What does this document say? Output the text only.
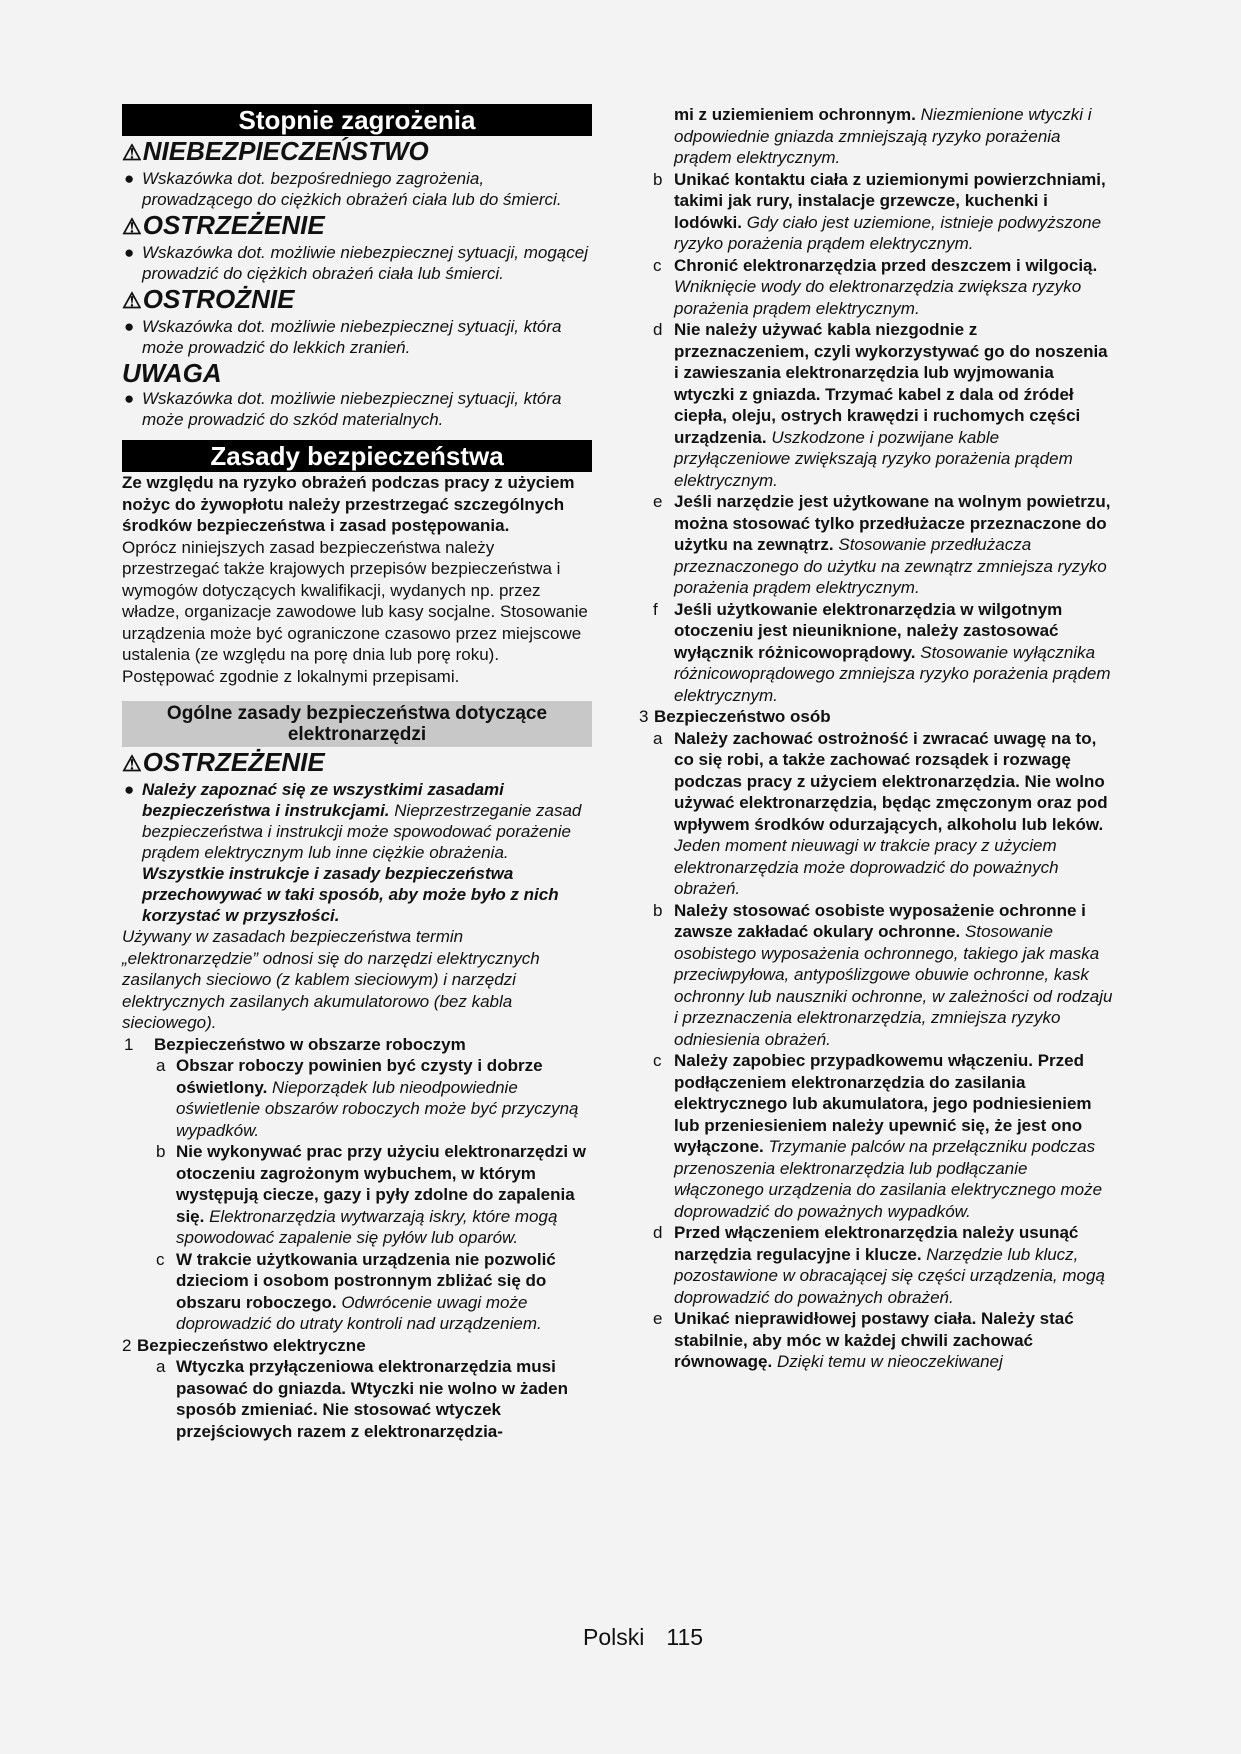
Stopnie zagrożenia
⚠NIEBEZPIECZEŃSTWO
● Wskazówka dot. bezpośredniego zagrożenia, prowadzącego do ciężkich obrażeń ciała lub do śmierci.
⚠OSTRZEŻENIE
● Wskazówka dot. możliwie niebezpiecznej sytuacji, mogącej prowadzić do ciężkich obrażeń ciała lub śmierci.
⚠OSTROŻNIE
● Wskazówka dot. możliwie niebezpiecznej sytuacji, która może prowadzić do lekkich zranień.
UWAGA
● Wskazówka dot. możliwie niebezpiecznej sytuacji, która może prowadzić do szkód materialnych.
Zasady bezpieczeństwa
Ze względu na ryzyko obrażeń podczas pracy z użyciem nożyc do żywopłotu należy przestrzegać szczególnych środków bezpieczeństwa i zasad postępowania.
Oprócz niniejszych zasad bezpieczeństwa należy przestrzegać także krajowych przepisów bezpieczeństwa i wymogów dotyczących kwalifikacji, wydanych np. przez władze, organizacje zawodowe lub kasy socjalne. Stosowanie urządzenia może być ograniczone czasowo przez miejscowe ustalenia (ze względu na porę dnia lub porę roku). Postępować zgodnie z lokalnymi przepisami.
Ogólne zasady bezpieczeństwa dotyczące elektronarzędzi
⚠OSTRZEŻENIE
● Należy zapoznać się ze wszystkimi zasadami bezpieczeństwa i instrukcjami. Nieprzestrzeganie zasad bezpieczeństwa i instrukcji może spowodować porażenie prądem elektrycznym lub inne ciężkie obrażenia. Wszystkie instrukcje i zasady bezpieczeństwa przechowywać w taki sposób, aby może było z nich korzystać w przyszłości.
Używany w zasadach bezpieczeństwa termin „elektronarzędzie” odnosi się do narzędzi elektrycznych zasilanych sieciowo (z kablem sieciowym) i narzędzi elektrycznych zasilanych akumulatorowo (bez kabla sieciowego).
1 Bezpieczeństwo w obszarze roboczym
a Obszar roboczy powinien być czysty i dobrze oświetlony. Nieporządek lub nieodpowiednie oświetlenie obszarów roboczych może być przyczyną wypadków.
b Nie wykonywać prac przy użyciu elektronarzędzi w otoczeniu zagrożonym wybuchem, w którym występują ciecze, gazy i pyły zdolne do zapalenia się. Elektronarzędzia wytwarzają iskry, które mogą spowodować zapalenie się pyłów lub oparów.
c W trakcie użytkowania urządzenia nie pozwolić dzieciom i osobom postronnym zbliżać się do obszaru roboczego. Odwrócenie uwagi może doprowadzić do utraty kontroli nad urządzeniem.
2 Bezpieczeństwo elektryczne
a Wtyczka przyłączeniowa elektronarzędzia musi pasować do gniazda. Wtyczki nie wolno w żaden sposób zmieniać. Nie stosować wtyczek przejściowych razem z elektronarzędzia-
mi z uziemieniem ochronnym. Niezmienione wtyczki i odpowiednie gniazda zmniejszają ryzyko porażenia prądem elektrycznym.
b Unikać kontaktu ciała z uziemionymi powierzchniami, takimi jak rury, instalacje grzewcze, kuchenki i lodówki. Gdy ciało jest uziemione, istnieje podwyższone ryzyko porażenia prądem elektrycznym.
c Chronić elektronarzędzia przed deszczem i wilgocią. Wniknięcie wody do elektronarzędzia zwiększa ryzyko porażenia prądem elektrycznym.
d Nie należy używać kabla niezgodnie z przeznaczeniem, czyli wykorzystywać go do noszenia i zawieszania elektronarzędzia lub wyjmowania wtyczki z gniazda. Trzymać kabel z dala od źródeł ciepła, oleju, ostrych krawędzi i ruchomych części urządzenia. Uszkodzone i pozwijane kable przyłączeniowe zwiększają ryzyko porażenia prądem elektrycznym.
e Jeśli narzędzie jest użytkowane na wolnym powietrzu, można stosować tylko przedłużacze przeznaczone do użytku na zewnątrz. Stosowanie przedłużacza przeznaczonego do użytku na zewnątrz zmniejsza ryzyko porażenia prądem elektrycznym.
f Jeśli użytkowanie elektronarzędzia w wilgotnym otoczeniu jest nieuniknione, należy zastosować wyłącznik różnicowoprądowy. Stosowanie wyłącznika różnicowoprądowego zmniejsza ryzyko porażenia prądem elektrycznym.
3 Bezpieczeństwo osób
a Należy zachować ostrożność i zwracać uwagę na to, co się robi, a także zachować rozsądek i rozwagę podczas pracy z użyciem elektronarzędzia. Nie wolno używać elektronarzędzia, będąc zmęczonym oraz pod wpływem środków odurzających, alkoholu lub leków. Jeden moment nieuwagi w trakcie pracy z użyciem elektronarzędzia może doprowadzić do poważnych obrażeń.
b Należy stosować osobiste wyposażenie ochronne i zawsze zakładać okulary ochronne. Stosowanie osobistego wyposażenia ochronnego, takiego jak maska przeciwpyłowa, antypoślizgowe obuwie ochronne, kask ochronny lub nauszniki ochronne, w zależności od rodzaju i przeznaczenia elektronarzędzia, zmniejsza ryzyko odniesienia obrażeń.
c Należy zapobiec przypadkowemu włączeniu. Przed podłączeniem elektronarzędzia do zasilania elektrycznego lub akumulatora, jego podniesieniem lub przeniesieniem należy upewnić się, że jest ono wyłączone. Trzymanie palców na przełączniku podczas przenoszenia elektronarzędzia lub podłączanie włączonego urządzenia do zasilania elektrycznego może doprowadzić do poważnych wypadków.
d Przed włączeniem elektronarzędzia należy usunąć narzędzia regulacyjne i klucze. Narzędzie lub klucz, pozostawione w obracającej się części urządzenia, mogą doprowadzić do poważnych obrażeń.
e Unikać nieprawidłowej postawy ciała. Należy stać stabilnie, aby móc w każdej chwili zachować równowagę. Dzięki temu w nieoczekiwanej
Polski 115
